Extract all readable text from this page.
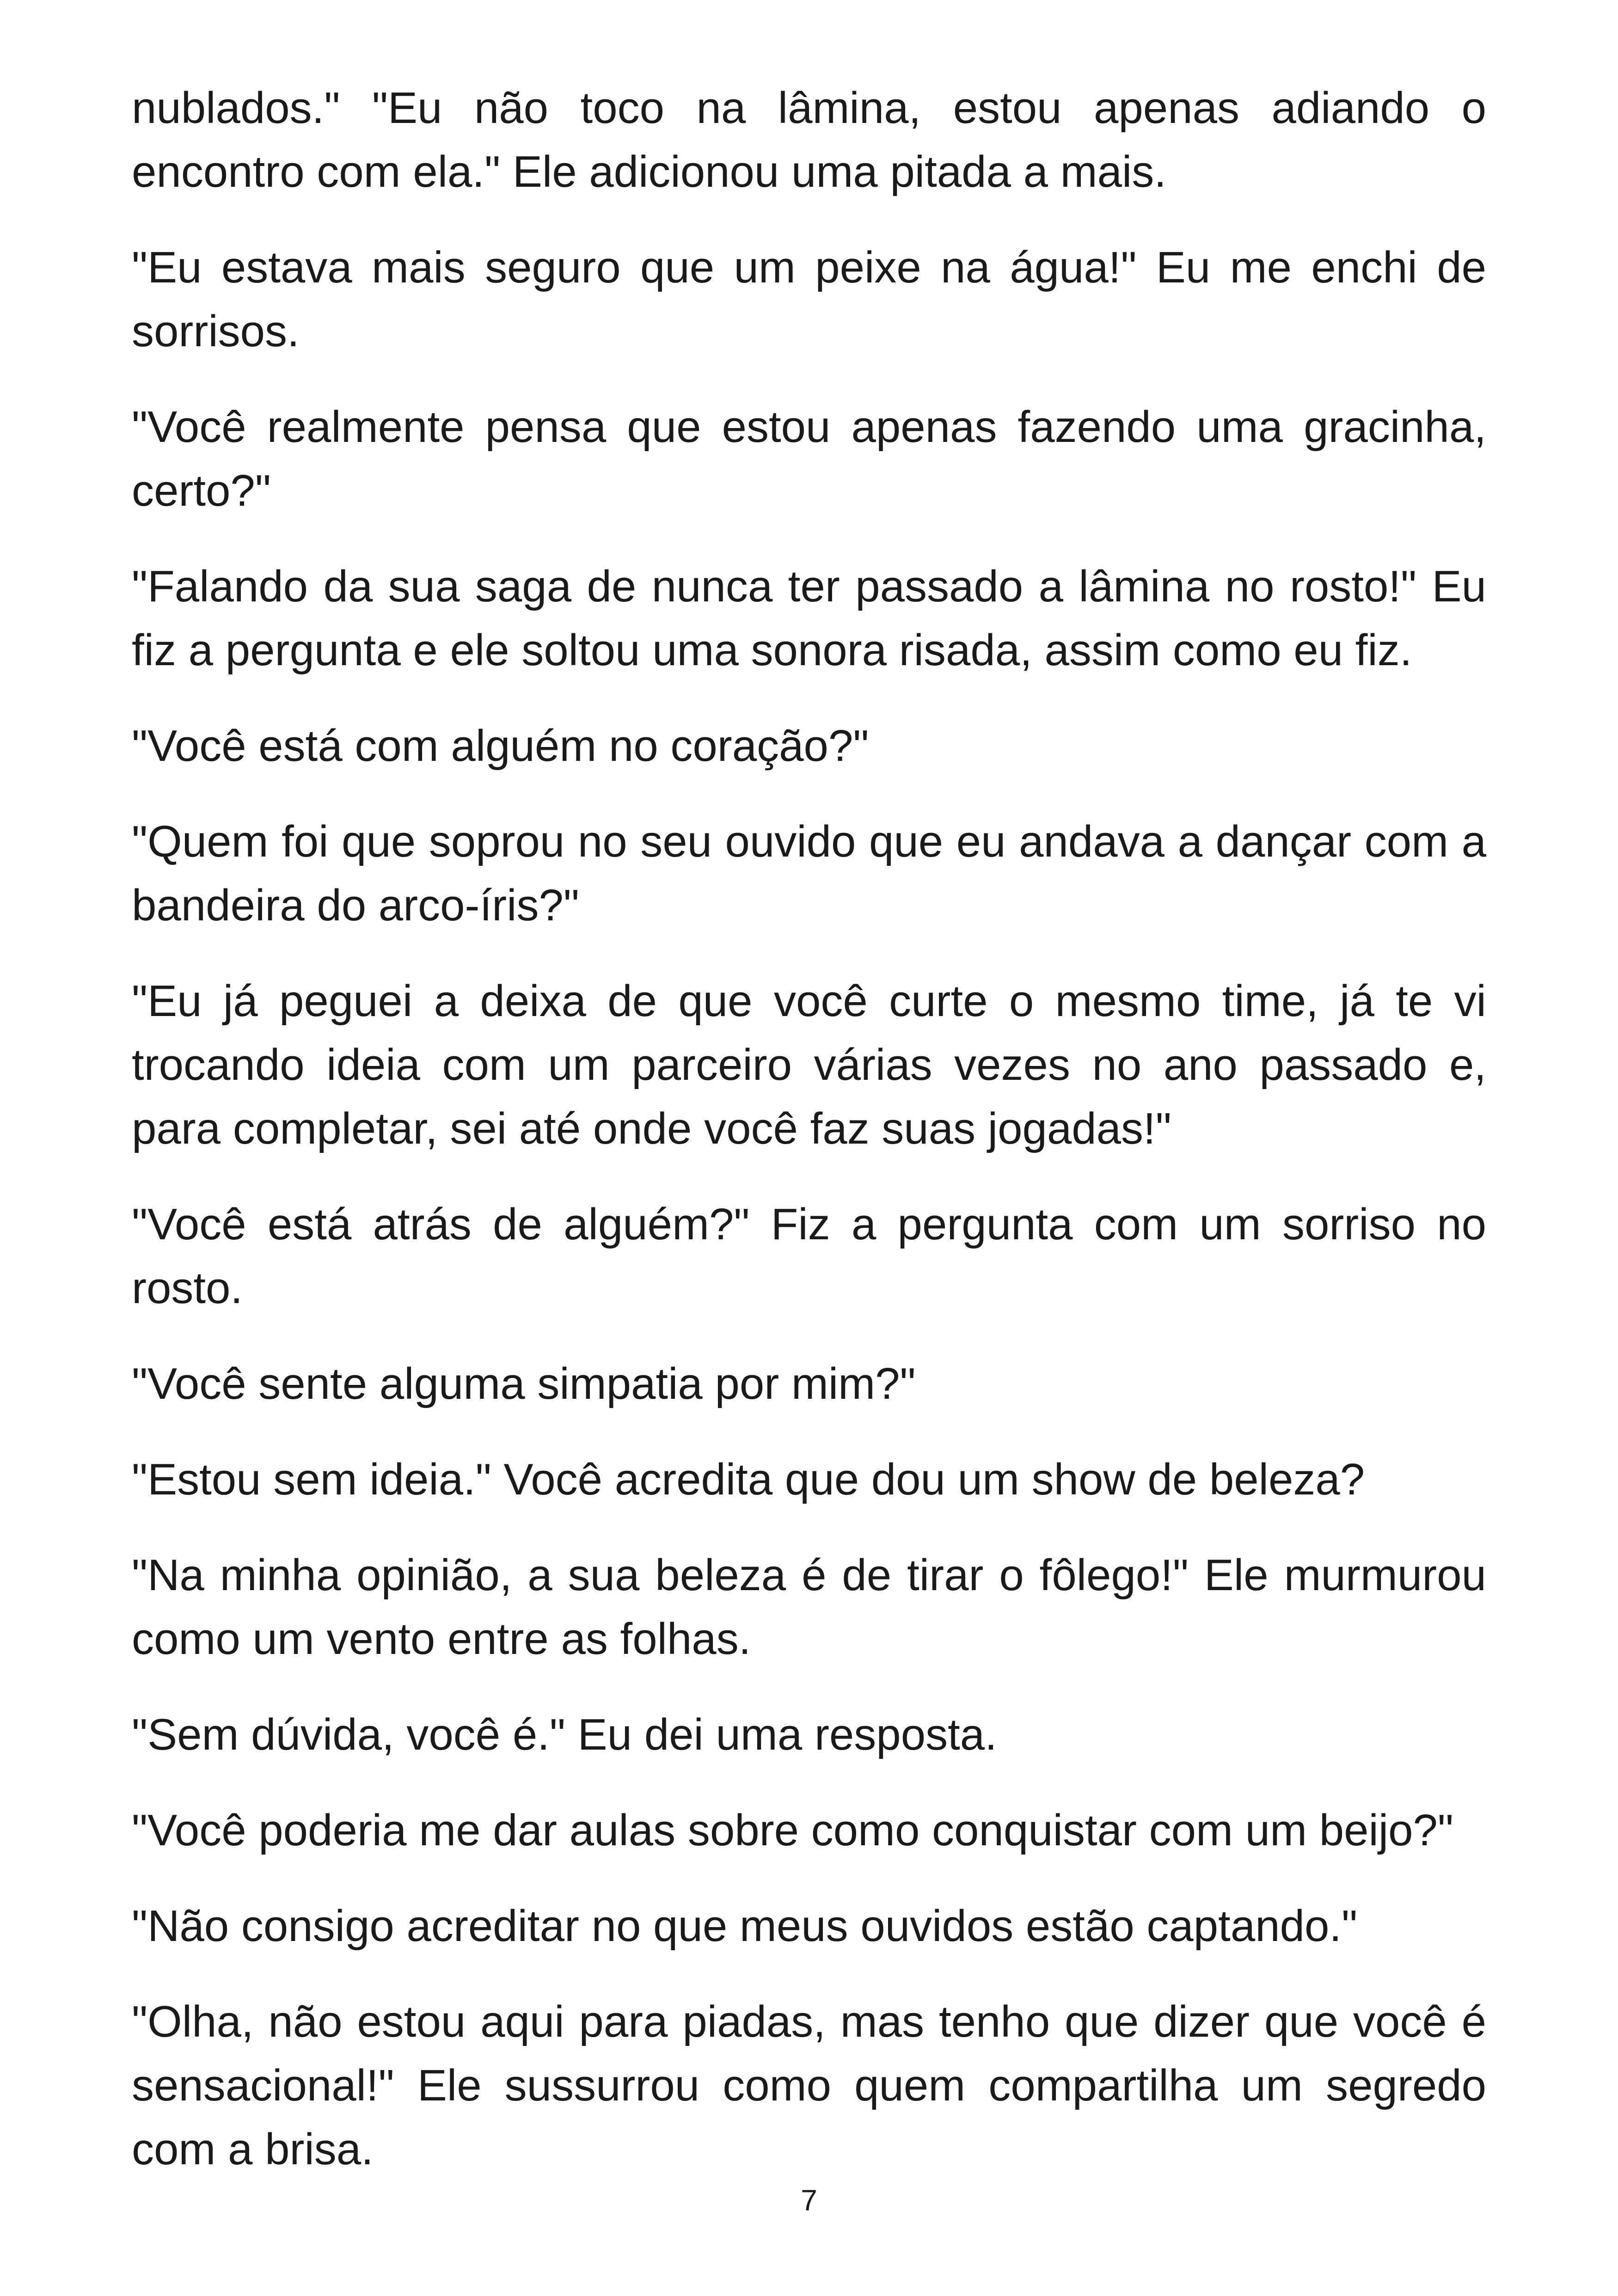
nublados." "Eu não toco na lâmina, estou apenas adiando o encontro com ela." Ele adicionou uma pitada a mais.

"Eu estava mais seguro que um peixe na água!" Eu me enchi de sorrisos.

"Você realmente pensa que estou apenas fazendo uma gracinha, certo?"

"Falando da sua saga de nunca ter passado a lâmina no rosto!" Eu fiz a pergunta e ele soltou uma sonora risada, assim como eu fiz.

"Você está com alguém no coração?"

"Quem foi que soprou no seu ouvido que eu andava a dançar com a bandeira do arco-íris?"

"Eu já peguei a deixa de que você curte o mesmo time, já te vi trocando ideia com um parceiro várias vezes no ano passado e, para completar, sei até onde você faz suas jogadas!"

"Você está atrás de alguém?" Fiz a pergunta com um sorriso no rosto.

"Você sente alguma simpatia por mim?"

"Estou sem ideia." Você acredita que dou um show de beleza?

"Na minha opinião, a sua beleza é de tirar o fôlego!" Ele murmurou como um vento entre as folhas.

"Sem dúvida, você é." Eu dei uma resposta.

"Você poderia me dar aulas sobre como conquistar com um beijo?"

"Não consigo acreditar no que meus ouvidos estão captando."

"Olha, não estou aqui para piadas, mas tenho que dizer que você é sensacional!" Ele sussurrou como quem compartilha um segredo com a brisa.

7
